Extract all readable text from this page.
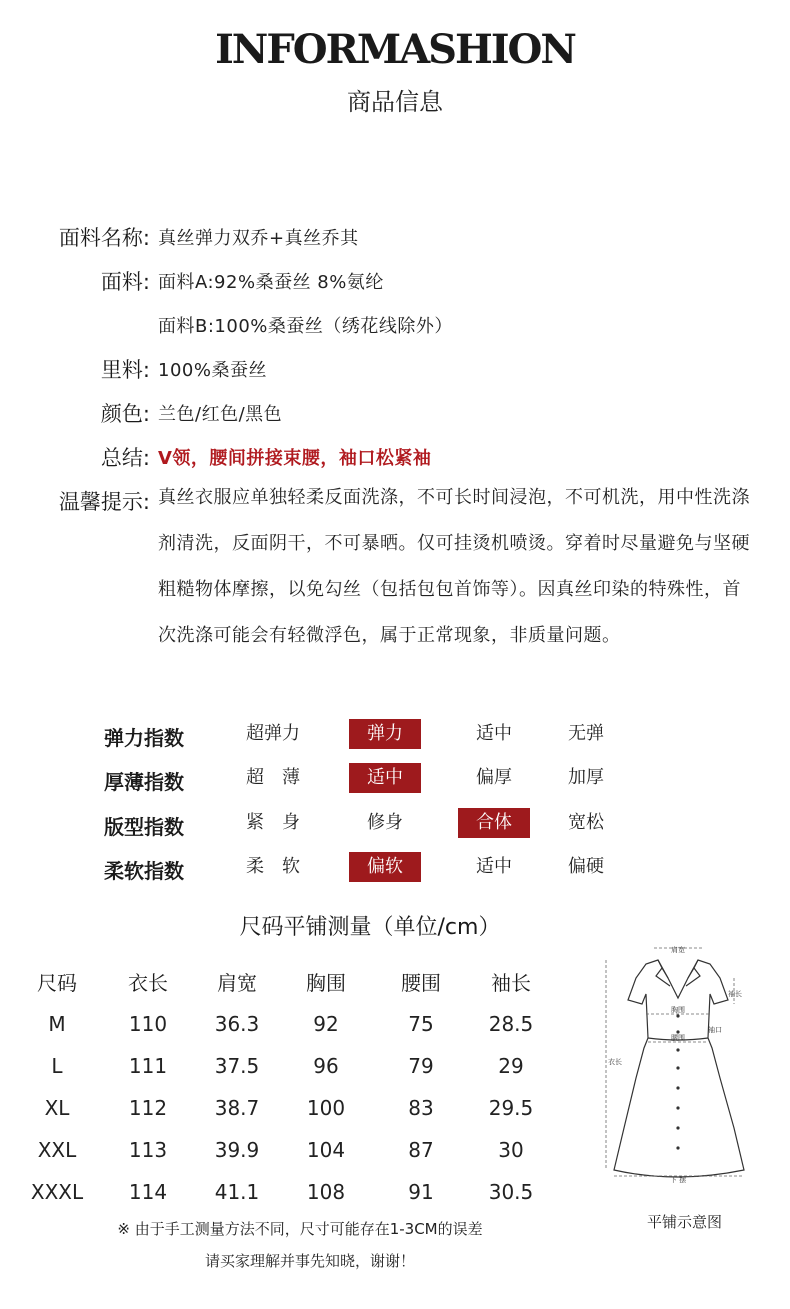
INFORMASHION
商品信息
面料名称: 真丝弹力双乔+真丝乔其
面料: 面料A:92%桑蚕丝 8%氨纶
面料B:100%桑蚕丝（绣花线除外）
里料: 100%桑蚕丝
颜色: 兰色/红色/黑色
总结: V领，腰间拼接束腰，袖口松紧袖
温馨提示: 真丝衣服应单独轻柔反面洗涤，不可长时间浸泡，不可机洗，用中性洗涤剂清洗，反面阴干，不可暴晒。仅可挂烫机喷烫。穿着时尽量避免与坚硬粗糙物体摩擦，以免勾丝（包括包包首饰等）。因真丝印染的特殊性，首次洗涤可能会有轻微浮色，属于正常现象，非质量问题。
弹力指数	超弹力	弹力	适中	无弹
厚薄指数	超　薄	适中	偏厚	加厚
版型指数	紧　身	修身	合体	宽松
柔软指数	柔　软	偏软	适中	偏硬
尺码平铺测量（单位/cm）
尺码	衣长	肩宽	胸围	腰围	袖长
M	110	36.3	92	75	28.5
L	111	37.5	96	79	29
XL	112	38.7	100	83	29.5
XXL	113	39.9	104	87	30
XXXL	114	41.1	108	91	30.5
※ 由于手工测量方法不同，尺寸可能存在1-3CM的误差
请买家理解并事先知晓，谢谢！
肩宽
袖长
胸围
袖口
腰围
衣长
下 摆
平铺示意图
